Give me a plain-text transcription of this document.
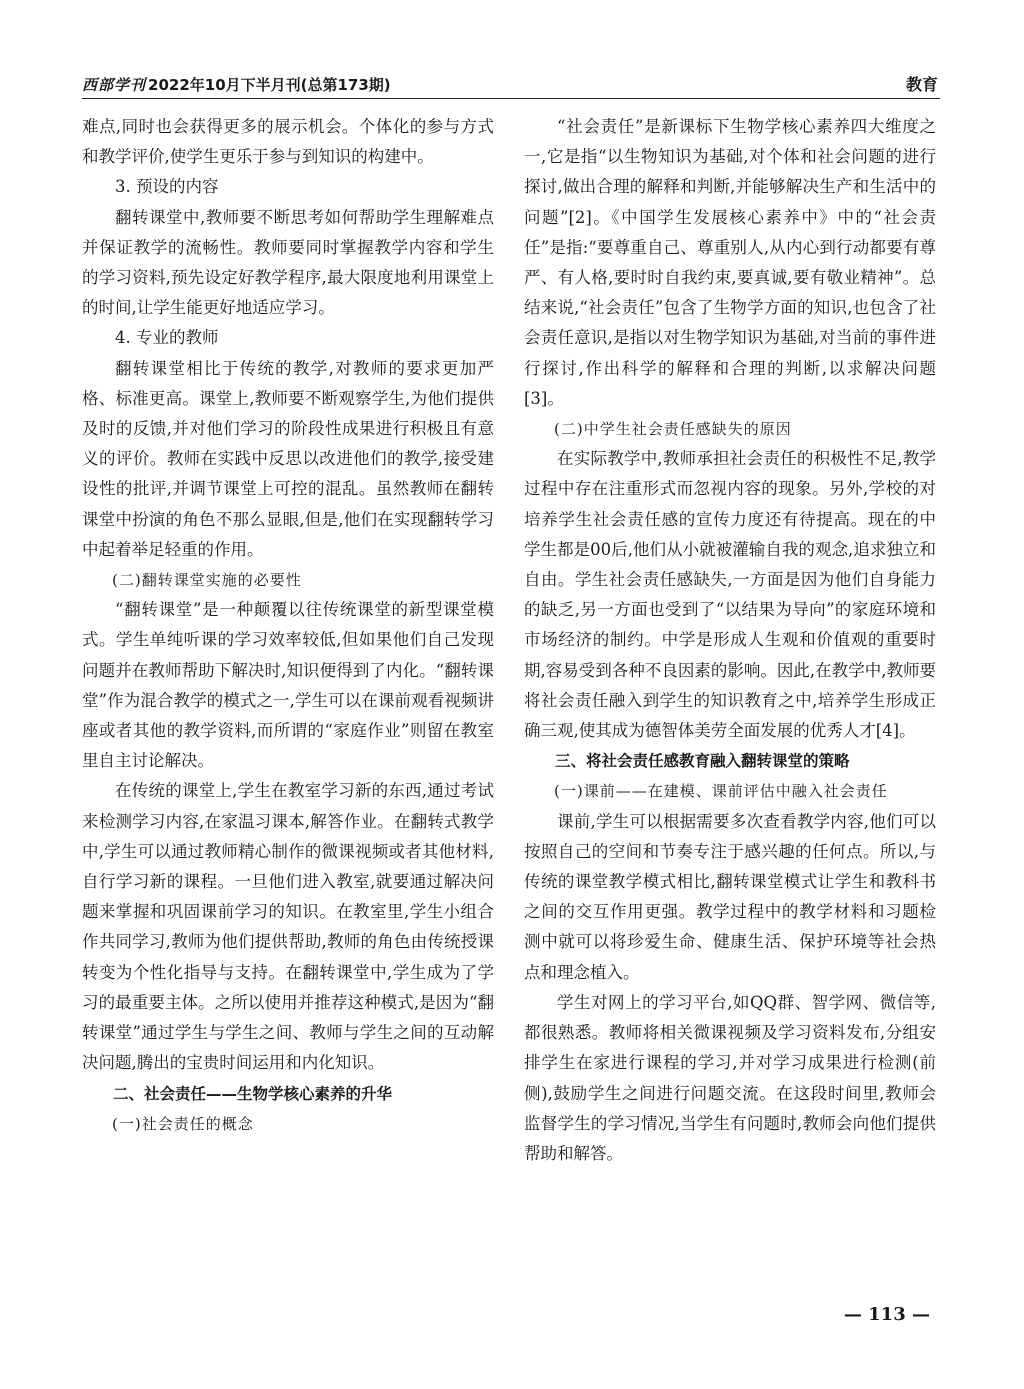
西部学刊 2022年10月下半月刊(总第173期)	教育

难点,同时也会获得更多的展示机会。个体化的参与方式和教学评价,使学生更乐于参与到知识的构建中。

3. 预设的内容

翻转课堂中,教师要不断思考如何帮助学生理解难点并保证教学的流畅性。教师要同时掌握教学内容和学生的学习资料,预先设定好教学程序,最大限度地利用课堂上的时间,让学生能更好地适应学习。

4. 专业的教师

翻转课堂相比于传统的教学,对教师的要求更加严格、标准更高。课堂上,教师要不断观察学生,为他们提供及时的反馈,并对他们学习的阶段性成果进行积极且有意义的评价。教师在实践中反思以改进他们的教学,接受建设性的批评,并调节课堂上可控的混乱。虽然教师在翻转课堂中扮演的角色不那么显眼,但是,他们在实现翻转学习中起着举足轻重的作用。

(二)翻转课堂实施的必要性

“翻转课堂”是一种颠覆以往传统课堂的新型课堂模式。学生单纯听课的学习效率较低,但如果他们自己发现问题并在教师帮助下解决时,知识便得到了内化。“翻转课堂”作为混合教学的模式之一,学生可以在课前观看视频讲座或者其他的教学资料,而所谓的“家庭作业”则留在教室里自主讨论解决。

在传统的课堂上,学生在教室学习新的东西,通过考试来检测学习内容,在家温习课本,解答作业。在翻转式教学中,学生可以通过教师精心制作的微课视频或者其他材料,自行学习新的课程。一旦他们进入教室,就要通过解决问题来掌握和巩固课前学习的知识。在教室里,学生小组合作共同学习,教师为他们提供帮助,教师的角色由传统授课转变为个性化指导与支持。在翻转课堂中,学生成为了学习的最重要主体。之所以使用并推荐这种模式,是因为“翻转课堂”通过学生与学生之间、教师与学生之间的互动解决问题,腾出的宝贵时间运用和内化知识。

二、社会责任——生物学核心素养的升华

(一)社会责任的概念

“社会责任”是新课标下生物学核心素养四大维度之一,它是指“以生物知识为基础,对个体和社会问题的进行探讨,做出合理的解释和判断,并能够解决生产和生活中的问题”[2]。《中国学生发展核心素养中》中的“社会责任”是指:“要尊重自己、尊重别人,从内心到行动都要有尊严、有人格,要时时自我约束,要真诚,要有敬业精神”。总结来说,“社会责任”包含了生物学方面的知识,也包含了社会责任意识,是指以对生物学知识为基础,对当前的事件进行探讨,作出科学的解释和合理的判断,以求解决问题[3]。

(二)中学生社会责任感缺失的原因

在实际教学中,教师承担社会责任的积极性不足,教学过程中存在注重形式而忽视内容的现象。另外,学校的对培养学生社会责任感的宣传力度还有待提高。现在的中学生都是00后,他们从小就被灌输自我的观念,追求独立和自由。学生社会责任感缺失,一方面是因为他们自身能力的缺乏,另一方面也受到了“以结果为导向”的家庭环境和市场经济的制约。中学是形成人生观和价值观的重要时期,容易受到各种不良因素的影响。因此,在教学中,教师要将社会责任融入到学生的知识教育之中,培养学生形成正确三观,使其成为德智体美劳全面发展的优秀人才[4]。

三、将社会责任感教育融入翻转课堂的策略

(一)课前——在建模、课前评估中融入社会责任

课前,学生可以根据需要多次查看教学内容,他们可以按照自己的空间和节奏专注于感兴趣的任何点。所以,与传统的课堂教学模式相比,翻转课堂模式让学生和教科书之间的交互作用更强。教学过程中的教学材料和习题检测中就可以将珍爱生命、健康生活、保护环境等社会热点和理念植入。

学生对网上的学习平台,如QQ群、智学网、微信等,都很熟悉。教师将相关微课视频及学习资料发布,分组安排学生在家进行课程的学习,并对学习成果进行检测(前侧),鼓励学生之间进行问题交流。在这段时间里,教师会监督学生的学习情况,当学生有问题时,教师会向他们提供帮助和解答。

— 113 —
